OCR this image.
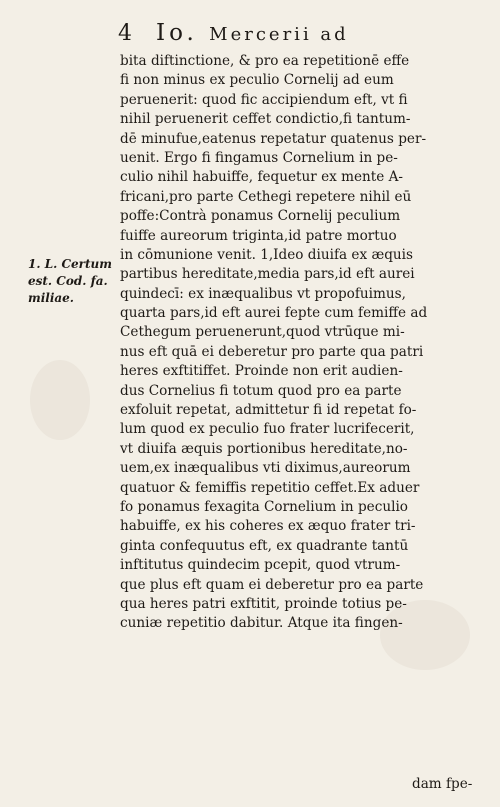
4	Io. Mercerii ad
1. L. Certum
est. Cod. fa.
miliae.
bita diftinctione, & pro ea repetitionē effe
fi non minus ex peculio Cornelij ad eum
peruenerit: quod fic accipiendum eft, vt fi
nihil peruenerit ceffet condictio,fi tantum-
dē minufue,eatenus repetatur quatenus per-
uenit. Ergo fi fingamus Cornelium in pe-
culio nihil habuiffe, fequetur ex mente A-
fricani,pro parte Cethegi repetere nihil eū
poffe:Contrà ponamus Cornelij peculium
fuiffe aureorum triginta,id patre mortuo
in cōmunione venit. 1,Ideo diuifa ex æquis
partibus hereditate,media pars,id eft aurei
quindecī: ex inæqualibus vt propofuimus,
quarta pars,id eft aurei fepte cum femiffe ad
Cethegum peruenerunt,quod vtrūque mi-
nus eft quā ei deberetur pro parte qua patri
heres exftitiffet. Proinde non erit audien-
dus Cornelius fi totum quod pro ea parte
exfoluit repetat, admittetur fi id repetat fo-
lum quod ex peculio fuo frater lucrifecerit,
vt diuifa æquis portionibus hereditate,no-
uem,ex inæqualibus vti diximus,aureorum
quatuor & femiffis repetitio ceffet.Ex aduer
fo ponamus fexagita Cornelium in peculio
habuiffe, ex his coheres ex æquo frater tri-
ginta confequutus eft, ex quadrante tantū
inftitutus quindecim pcepit, quod vtrum-
que plus eft quam ei deberetur pro ea parte
qua heres patri exftitit, proinde totius pe-
cuniæ repetitio dabitur. Atque ita fingen-
dam fpe-
